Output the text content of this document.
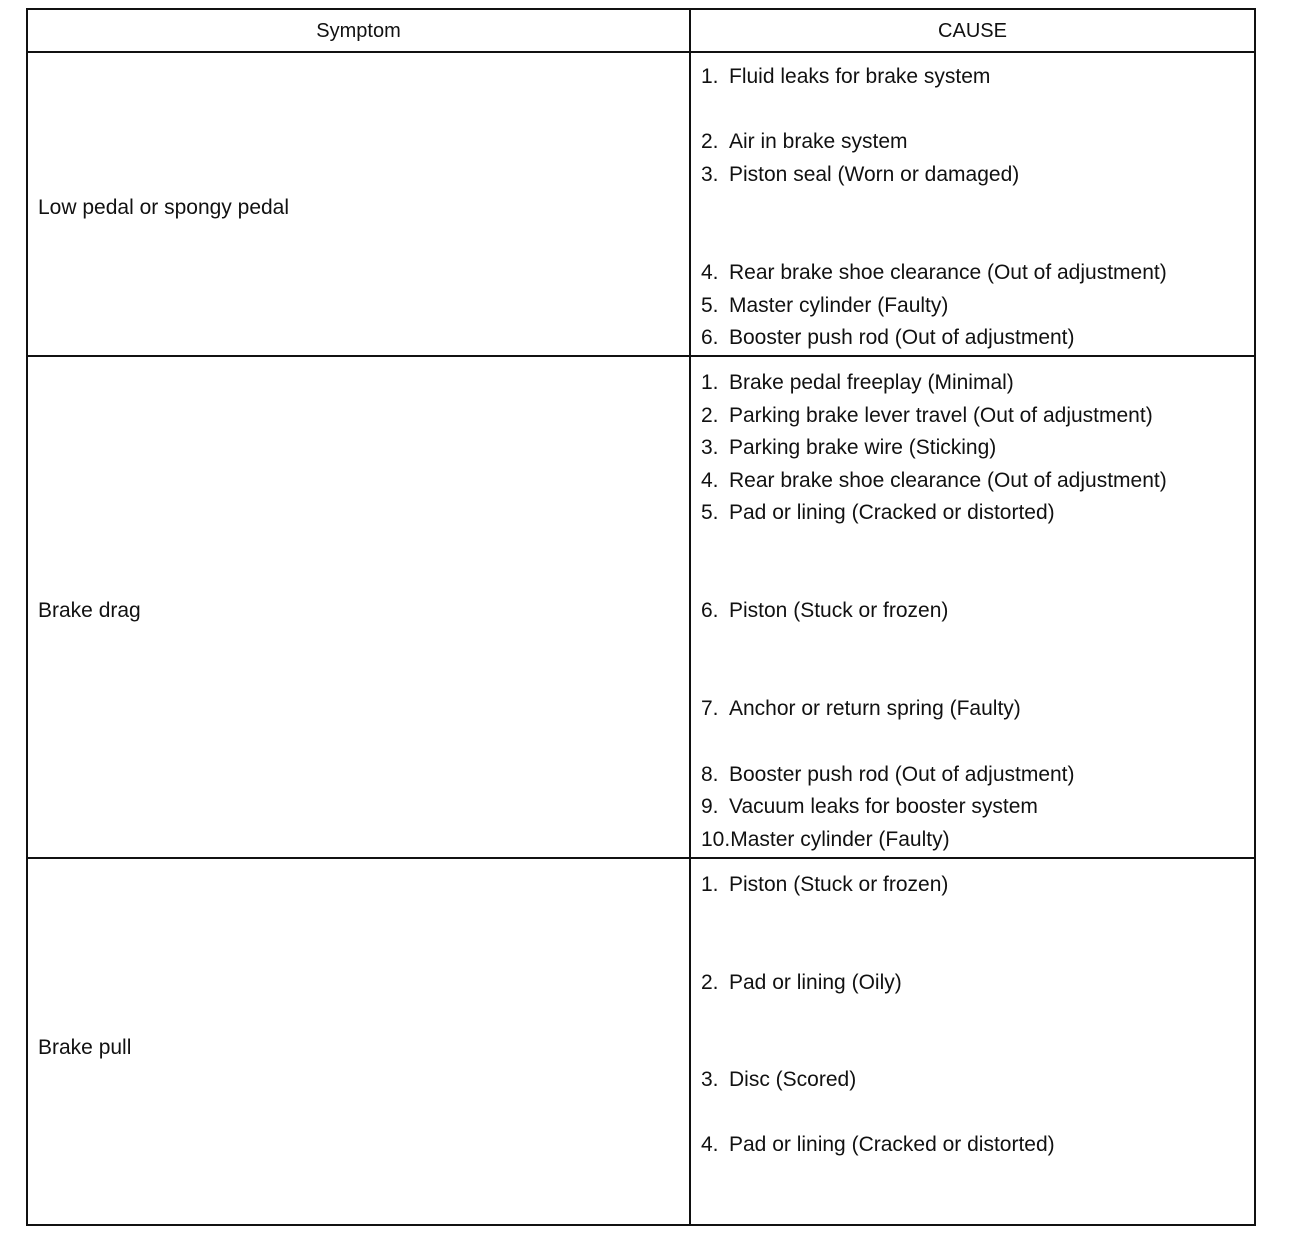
Symptom	CAUSE
Low pedal or spongy pedal
1. Fluid leaks for brake system
2. Air in brake system
3. Piston seal (Worn or damaged)
4. Rear brake shoe clearance (Out of adjustment)
5. Master cylinder (Faulty)
6. Booster push rod (Out of adjustment)
Brake drag
1. Brake pedal freeplay (Minimal)
2. Parking brake lever travel (Out of adjustment)
3. Parking brake wire (Sticking)
4. Rear brake shoe clearance (Out of adjustment)
5. Pad or lining (Cracked or distorted)
6. Piston (Stuck or frozen)
7. Anchor or return spring (Faulty)
8. Booster push rod (Out of adjustment)
9. Vacuum leaks for booster system
10.Master cylinder (Faulty)
Brake pull
1. Piston (Stuck or frozen)
2. Pad or lining (Oily)
3. Disc (Scored)
4. Pad or lining (Cracked or distorted)
